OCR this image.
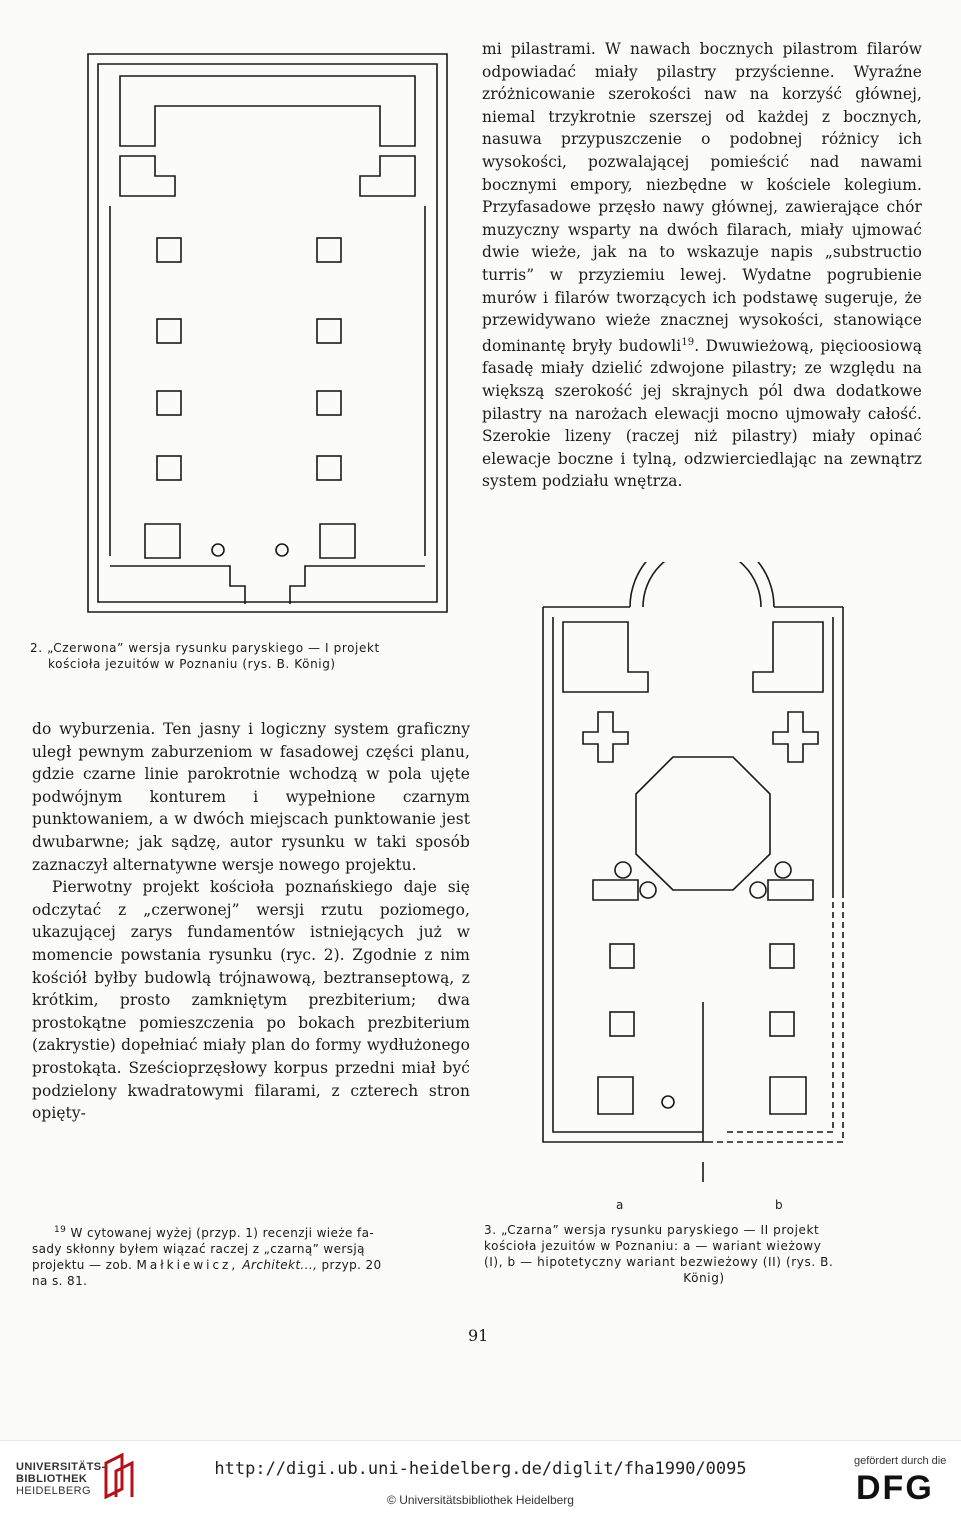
2. „Czerwona” wersja rysunku paryskiego — I projekt
kościoła jezuitów w Poznaniu (rys. B. König)

mi pilastrami. W nawach bocznych pilastrom filarów odpowiadać miały pilastry przyścienne. Wyraźne zróżnicowanie szerokości naw na korzyść głównej, niemal trzykrotnie szerszej od każdej z bocznych, nasuwa przypuszczenie o podobnej różnicy ich wysokości, pozwalającej pomieścić nad nawami bocznymi empory, niezbędne w kościele kolegium. Przyfasadowe przęsło nawy głównej, zawierające chór muzyczny wsparty na dwóch filarach, miały ujmować dwie wieże, jak na to wskazuje napis „substructio turris” w przyziemiu lewej. Wydatne pogrubienie murów i filarów tworzących ich podstawę sugeruje, że przewidywano wieże znacznej wysokości, stanowiące dominantę bryły budowli$^{19}$. Dwuwieżową, pięcioosiową fasadę miały dzielić zdwojone pilastry; ze względu na większą szerokość jej skrajnych pól dwa dodatkowe pilastry na narożach elewacji mocno ujmowały całość. Szerokie lizeny (raczej niż pilastry) miały opinać elewacje boczne i tylną, odzwierciedlając na zewnątrz system podziału wnętrza.

a	b
3. „Czarna” wersja rysunku paryskiego — II projekt
kościoła jezuitów w Poznaniu: a — wariant wieżowy
(I), b — hipotetyczny wariant bezwieżowy (II) (rys. B.
König)

do wyburzenia. Ten jasny i logiczny system graficzny uległ pewnym zaburzeniom w fasadowej części planu, gdzie czarne linie parokrotnie wchodzą w pola ujęte podwójnym konturem i wypełnione czarnym punktowaniem, a w dwóch miejscach punktowanie jest dwubarwne; jak sądzę, autor rysunku w taki sposób zaznaczył alternatywne wersje nowego projektu.

Pierwotny projekt kościoła poznańskiego daje się odczytać z „czerwonej” wersji rzutu poziomego, ukazującej zarys fundamentów istniejących już w momencie powstania rysunku (ryc. 2). Zgodnie z nim kościół byłby budowlą trójnawową, beztranseptową, z krótkim, prosto zamkniętym prezbiterium; dwa prostokątne pomieszczenia po bokach prezbiterium (zakrystie) dopełniać miały plan do formy wydłużonego prostokąta. Sześcioprzęsłowy korpus przedni miał być podzielony kwadratowymi filarami, z czterech stron opięty-

$^{19}$ W cytowanej wyżej (przyp. 1) recenzji wieże fa-
sady skłonny byłem wiązać raczej z „czarną” wersją
projektu — zob. Małkiewicz, Architekt..., przyp. 20
na s. 81.
91
UNIVERSITÄTS-
BIBLIOTHEK
HEIDELBERG
http://digi.ub.uni-heidelberg.de/diglit/fha1990/0095
© Universitätsbibliothek Heidelberg
gefördert durch die
DFG
